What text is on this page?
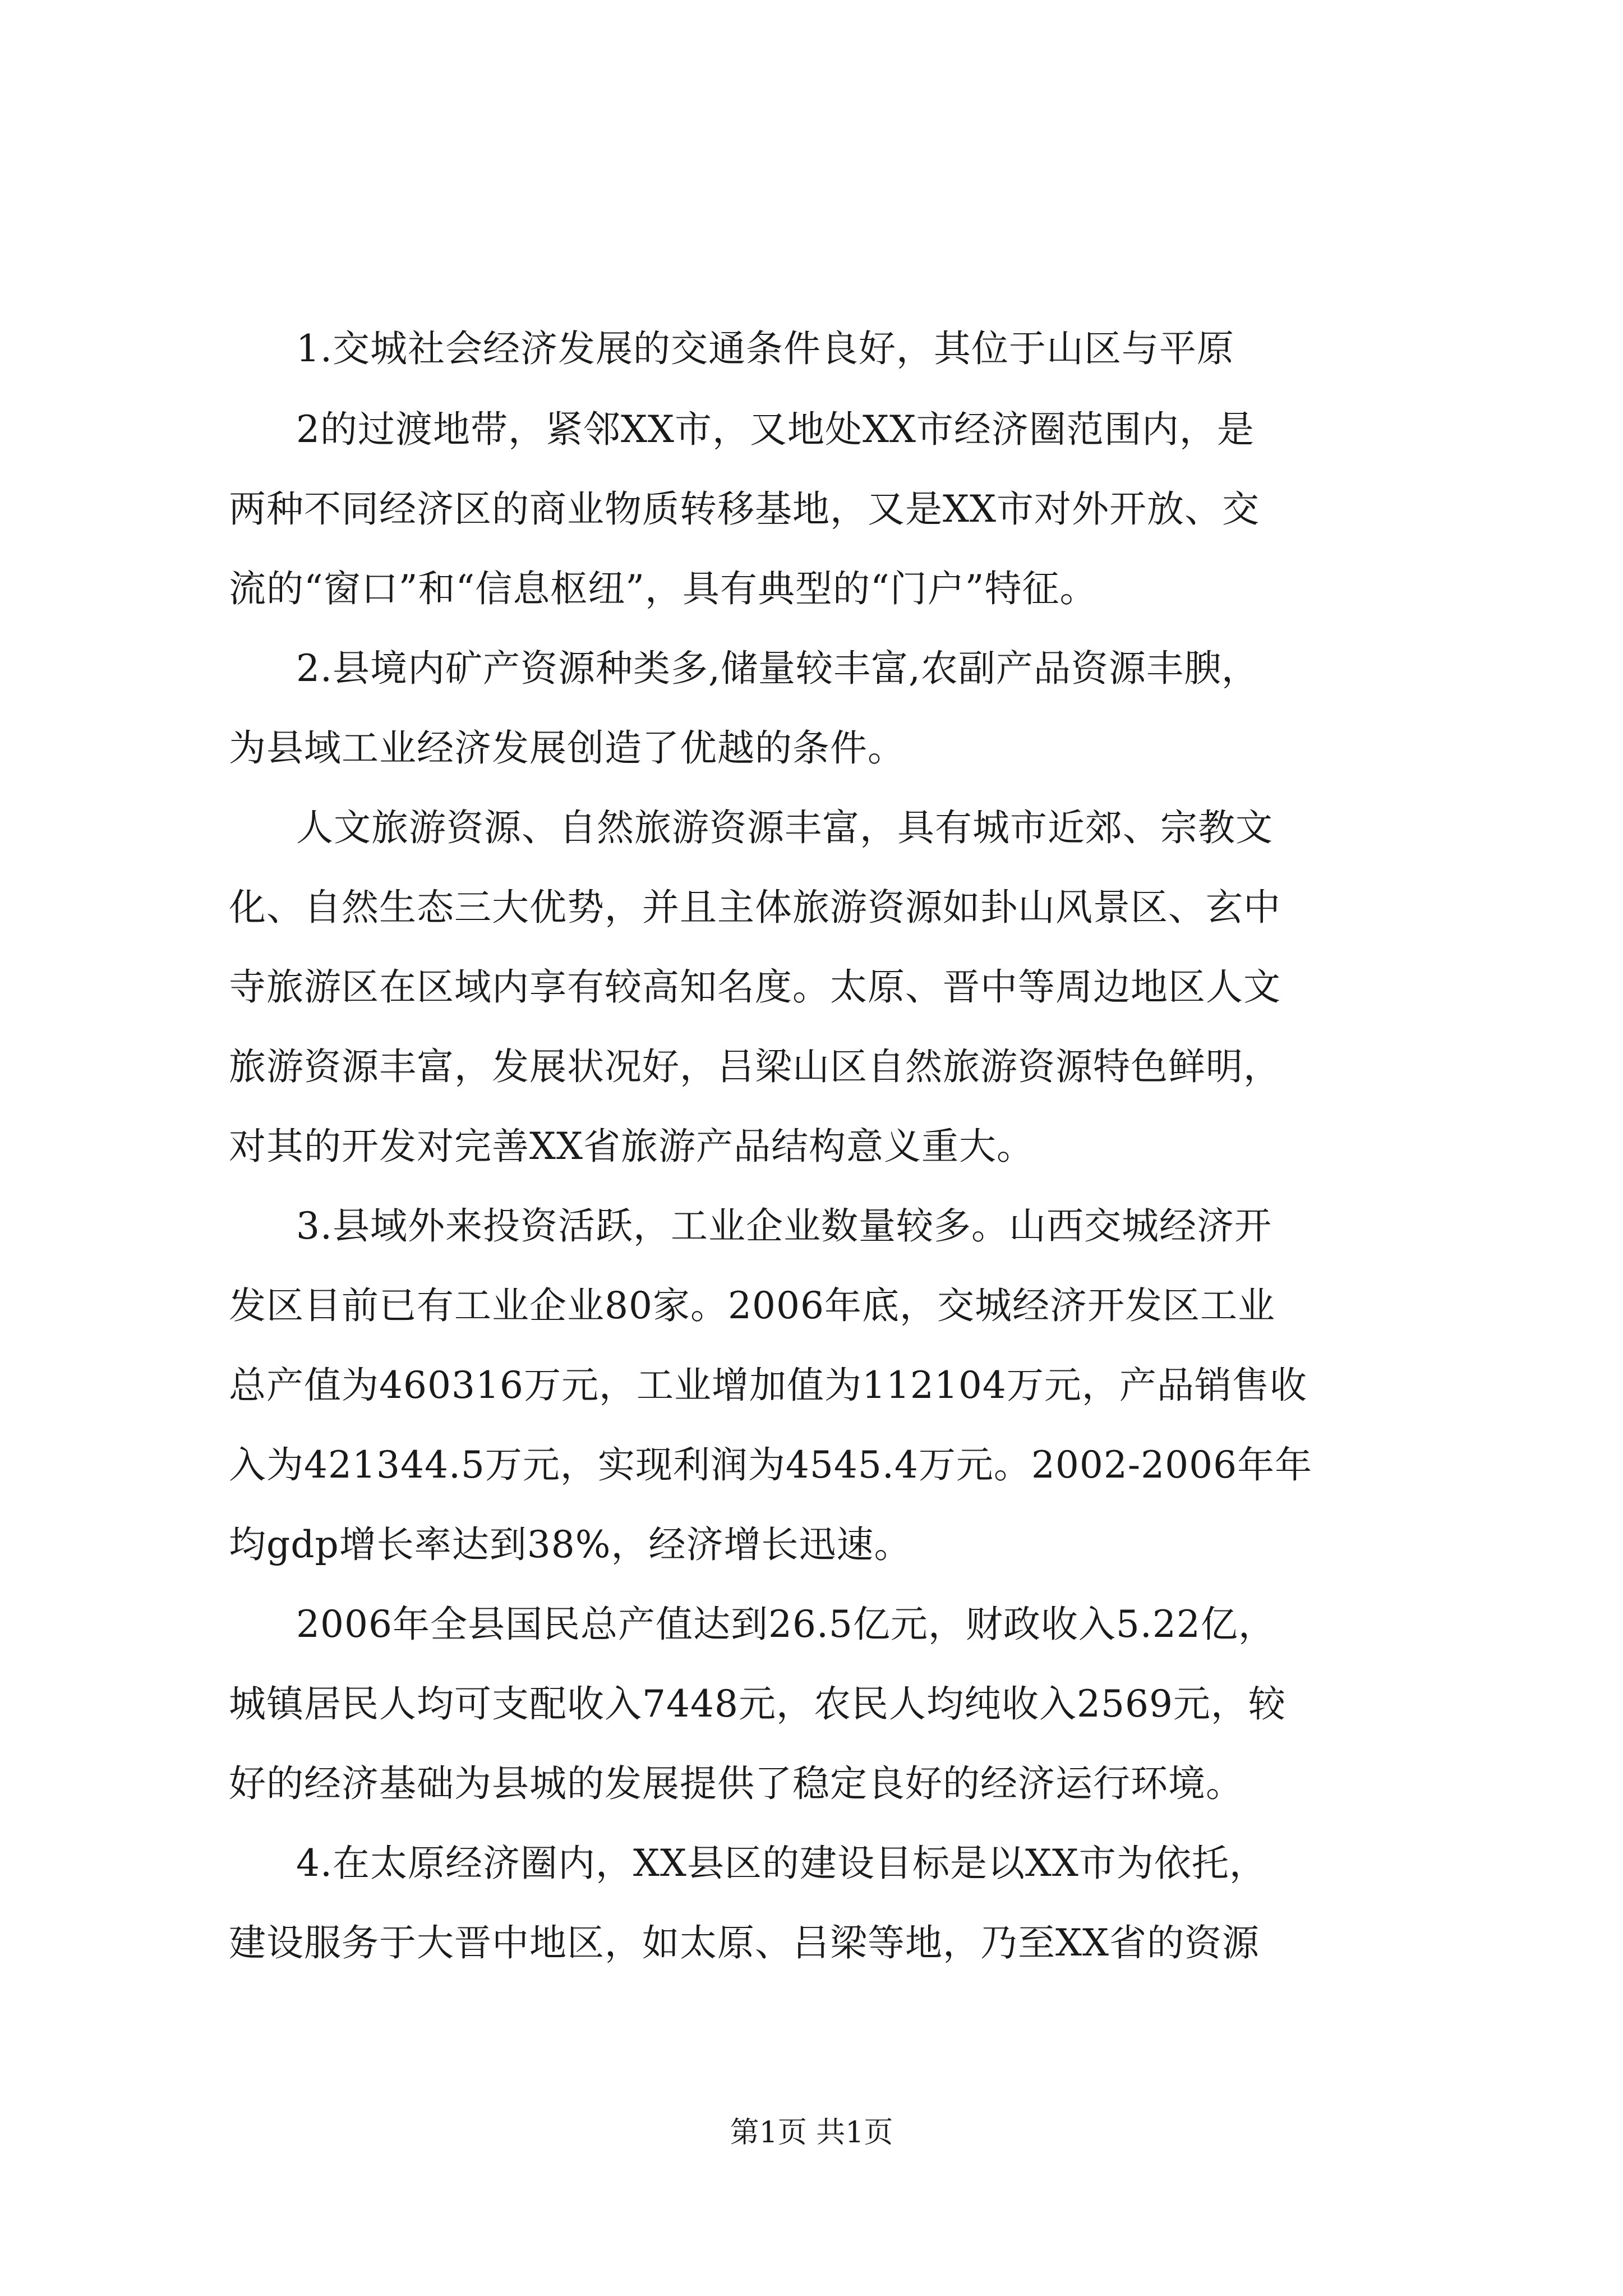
1.交城社会经济发展的交通条件良好，其位于山区与平原

2的过渡地带，紧邻XX市，又地处XX市经济圈范围内，是

两种不同经济区的商业物质转移基地，又是XX市对外开放、交

流的“窗口”和“信息枢纽”，具有典型的“门户”特征。

2.县境内矿产资源种类多,储量较丰富,农副产品资源丰腴，

为县域工业经济发展创造了优越的条件。

人文旅游资源、自然旅游资源丰富，具有城市近郊、宗教文

化、自然生态三大优势，并且主体旅游资源如卦山风景区、玄中

寺旅游区在区域内享有较高知名度。太原、晋中等周边地区人文

旅游资源丰富，发展状况好，吕梁山区自然旅游资源特色鲜明，

对其的开发对完善XX省旅游产品结构意义重大。

3.县域外来投资活跃，工业企业数量较多。山西交城经济开

发区目前已有工业企业80家。2006年底，交城经济开发区工业

总产值为460316万元，工业增加值为112104万元，产品销售收

入为421344.5万元，实现利润为4545.4万元。2002-2006年年

均gdp增长率达到38%，经济增长迅速。

2006年全县国民总产值达到26.5亿元，财政收入5.22亿，

城镇居民人均可支配收入7448元，农民人均纯收入2569元，较

好的经济基础为县城的发展提供了稳定良好的经济运行环境。

4.在太原经济圈内，XX县区的建设目标是以XX市为依托，

建设服务于大晋中地区，如太原、吕梁等地，乃至XX省的资源

第1页 共1页
